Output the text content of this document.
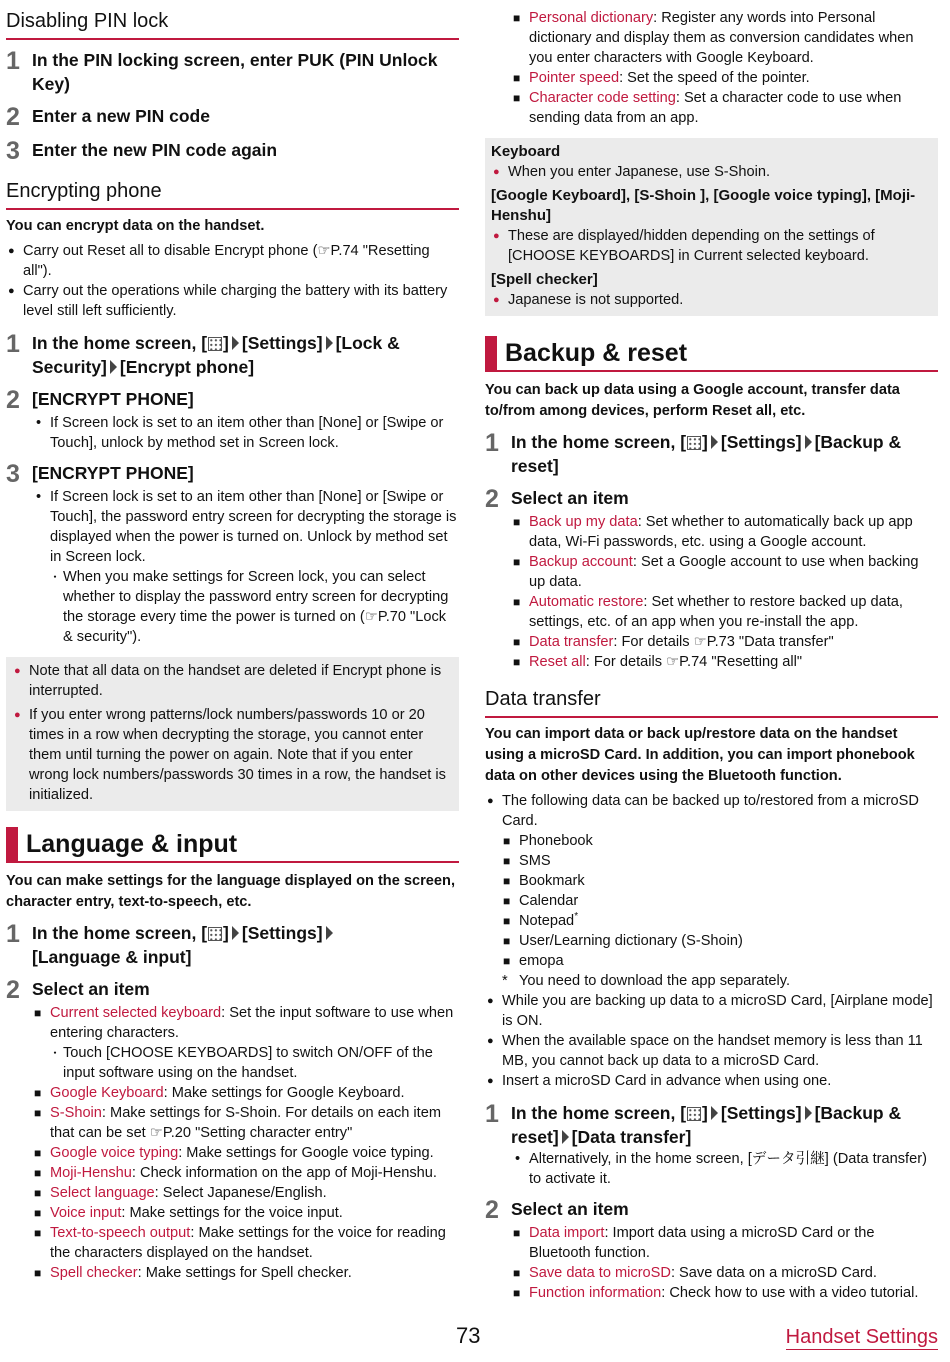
Disabling PIN lock
1 In the PIN locking screen, enter PUK (PIN Unlock Key)
2 Enter a new PIN code
3 Enter the new PIN code again
Encrypting phone
You can encrypt data on the handset.
● Carry out Reset all to disable Encrypt phone (☞P.74 "Resetting all").
● Carry out the operations while charging the battery with its battery level still left sufficiently.
1 In the home screen, [ ] [Settings] [Lock & Security] [Encrypt phone]
2 [ENCRYPT PHONE]
• If Screen lock is set to an item other than [None] or [Swipe or Touch], unlock by method set in Screen lock.
3 [ENCRYPT PHONE]
• If Screen lock is set to an item other than [None] or [Swipe or Touch], the password entry screen for decrypting the storage is displayed when the power is turned on. Unlock by method set in Screen lock.
・ When you make settings for Screen lock, you can select whether to display the password entry screen for decrypting the storage every time the power is turned on (☞P.70 "Lock & security").
● Note that all data on the handset are deleted if Encrypt phone is interrupted.
● If you enter wrong patterns/lock numbers/passwords 10 or 20 times in a row when decrypting the storage, you cannot enter them until turning the power on again. Note that if you enter wrong lock numbers/passwords 30 times in a row, the handset is initialized.
Language & input
You can make settings for the language displayed on the screen, character entry, text-to-speech, etc.
1 In the home screen, [ ] [Settings]
[Language & input]
2 Select an item
■ Current selected keyboard: Set the input software to use when entering characters.
・ Touch [CHOOSE KEYBOARDS] to switch ON/OFF of the input software using on the handset.
■ Google Keyboard: Make settings for Google Keyboard.
■ S-Shoin: Make settings for S-Shoin. For details on each item that can be set ☞P.20 "Setting character entry"
■ Google voice typing: Make settings for Google voice typing.
■ Moji-Henshu: Check information on the app of Moji-Henshu.
■ Select language: Select Japanese/English.
■ Voice input: Make settings for the voice input.
■ Text-to-speech output: Make settings for the voice for reading the characters displayed on the handset.
■ Spell checker: Make settings for Spell checker.
■ Personal dictionary: Register any words into Personal dictionary and display them as conversion candidates when you enter characters with Google Keyboard.
■ Pointer speed: Set the speed of the pointer.
■ Character code setting: Set a character code to use when sending data from an app.
Keyboard
● When you enter Japanese, use S-Shoin.
[Google Keyboard], [S-Shoin ], [Google voice typing], [Moji-Henshu]
● These are displayed/hidden depending on the settings of [CHOOSE KEYBOARDS] in Current selected keyboard.
[Spell checker]
● Japanese is not supported.
Backup & reset
You can back up data using a Google account, transfer data to/from among devices, perform Reset all, etc.
1 In the home screen, [ ] [Settings] [Backup & reset]
2 Select an item
■ Back up my data: Set whether to automatically back up app data, Wi-Fi passwords, etc. using a Google account.
■ Backup account: Set a Google account to use when backing up data.
■ Automatic restore: Set whether to restore backed up data, settings, etc. of an app when you re-install the app.
■ Data transfer: For details ☞P.73 "Data transfer"
■ Reset all: For details ☞P.74 "Resetting all"
Data transfer
You can import data or back up/restore data on the handset using a microSD Card. In addition, you can import phonebook data on other devices using the Bluetooth function.
● The following data can be backed up to/restored from a microSD Card.
■ Phonebook
■ SMS
■ Bookmark
■ Calendar
■ Notepad*
■ User/Learning dictionary (S-Shoin)
■ emopa
* You need to download the app separately.
● While you are backing up data to a microSD Card, [Airplane mode] is ON.
● When the available space on the handset memory is less than 11 MB, you cannot back up data to a microSD Card.
● Insert a microSD Card in advance when using one.
1 In the home screen, [ ] [Settings] [Backup & reset] [Data transfer]
• Alternatively, in the home screen, [データ引継] (Data transfer) to activate it.
2 Select an item
■ Data import: Import data using a microSD Card or the Bluetooth function.
■ Save data to microSD: Save data on a microSD Card.
■ Function information: Check how to use with a video tutorial.
73	Handset Settings
